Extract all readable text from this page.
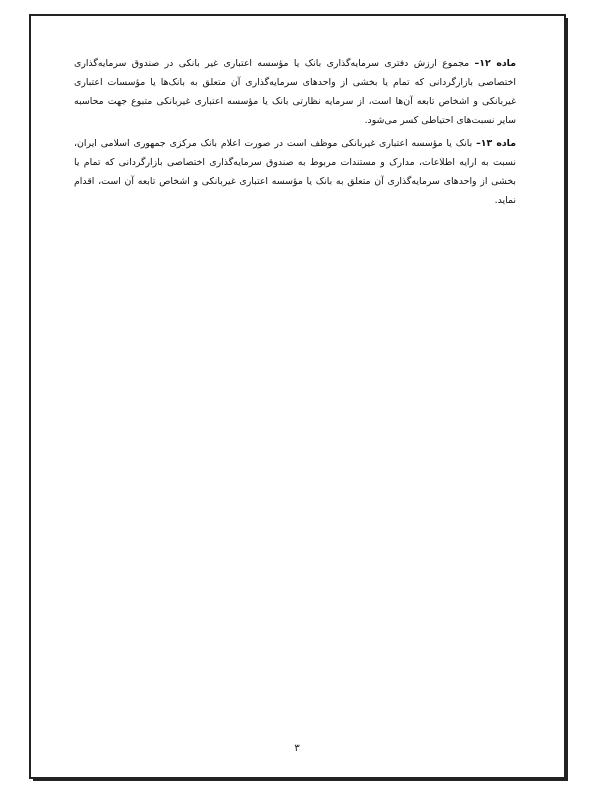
ماده ۱۲– مجموع ارزش دفتری سرمایه‌گذاری بانک یا مؤسسه اعتباری غیر بانکی در صندوق سرمایه‌گذاری اختصاصی بازارگردانی که تمام یا بخشی از واحدهای سرمایه‌گذاری آن متعلق به بانک‌ها یا مؤسسات اعتباری غیربانکی و اشخاص تابعه آن‌ها است، از سرمایه نظارتی بانک یا مؤسسه اعتباری غیربانکی متبوع جهت محاسبه سایر نسبت‌های احتیاطی کسر می‌شود.

ماده ۱۳– بانک یا مؤسسه اعتباری غیربانکی موظف است در صورت اعلام بانک مرکزی جمهوری اسلامی ایران، نسبت به ارایه اطلاعات، مدارک و مستندات مربوط به صندوق سرمایه‌گذاری اختصاصی بازارگردانی که تمام یا بخشی از واحدهای سرمایه‌گذاری آن متعلق به بانک یا مؤسسه اعتباری غیربانکی و اشخاص تابعه آن است، اقدام نماید.

۳
